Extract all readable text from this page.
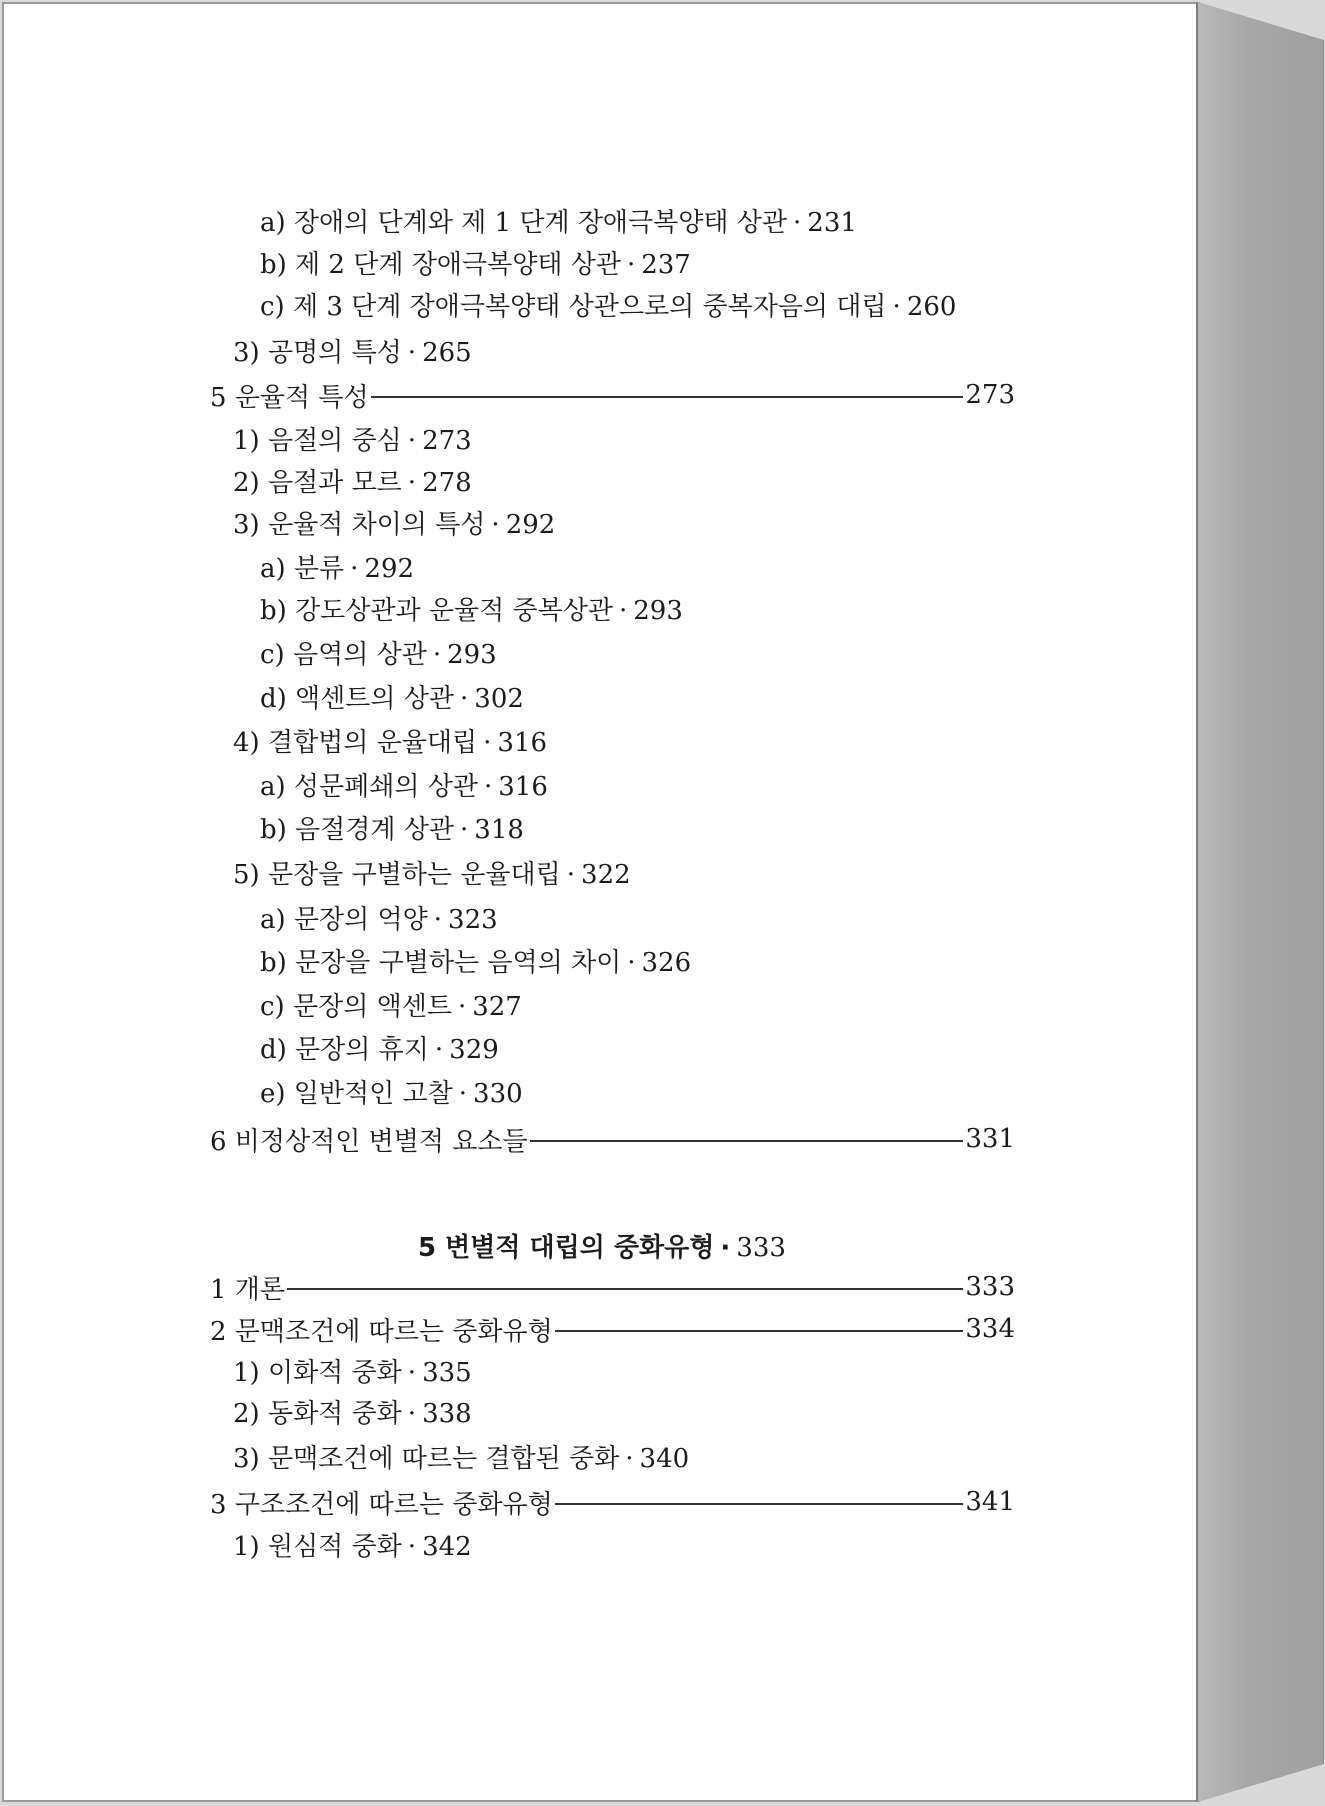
a) 장애의 단계와 제 1 단계 장애극복양태 상관 · 231
b) 제 2 단계 장애극복양태 상관 · 237
c) 제 3 단계 장애극복양태 상관으로의 중복자음의 대립 · 260
3) 공명의 특성 · 265
5 운율적 특성	273
1) 음절의 중심 · 273
2) 음절과 모르 · 278
3) 운율적 차이의 특성 · 292
a) 분류 · 292
b) 강도상관과 운율적 중복상관 · 293
c) 음역의 상관 · 293
d) 액센트의 상관 · 302
4) 결합법의 운율대립 · 316
a) 성문폐쇄의 상관 · 316
b) 음절경계 상관 · 318
5) 문장을 구별하는 운율대립 · 322
a) 문장의 억양 · 323
b) 문장을 구별하는 음역의 차이 · 326
c) 문장의 액센트 · 327
d) 문장의 휴지 · 329
e) 일반적인 고찰 · 330
6 비정상적인 변별적 요소들	331
5 변별적 대립의 중화유형 · 333
1 개론	333
2 문맥조건에 따르는 중화유형	334
1) 이화적 중화 · 335
2) 동화적 중화 · 338
3) 문맥조건에 따르는 결합된 중화 · 340
3 구조조건에 따르는 중화유형	341
1) 원심적 중화 · 342
